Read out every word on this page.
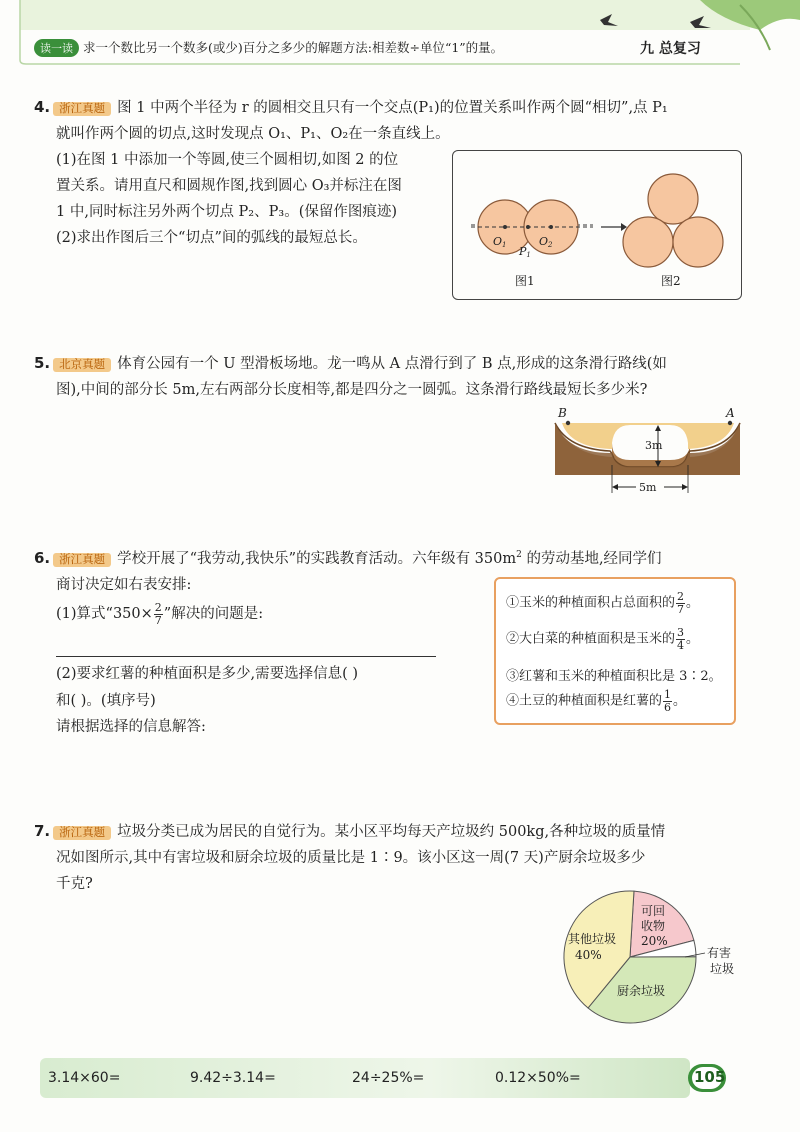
读一读 求一个数比另一个数多(或少)百分之多少的解题方法:相差数÷单位“1”的量。	九 总复习
4. 浙江真题 图 1 中两个半径为 r 的圆相交且只有一个交点(P₁)的位置关系叫作两个圆“相切”,点 P₁
就叫作两个圆的切点,这时发现点 O₁、P₁、O₂在一条直线上。
(1)在图 1 中添加一个等圆,使三个圆相切,如图 2 的位
置关系。请用直尺和圆规作图,找到圆心 O₃并标注在图
1 中,同时标注另外两个切点 P₂、P₃。(保留作图痕迹)
(2)求出作图后三个“切点”间的弧线的最短总长。	O1	O2
P1
图1	图2
5. 北京真题 体育公园有一个 U 型滑板场地。龙一鸣从 A 点滑行到了 B 点,形成的这条滑行路线(如
图),中间的部分长 5m,左右两部分长度相等,都是四分之一圆弧。这条滑行路线最短长多少米?
B	A
3m
5m
6. 浙江真题 学校开展了“我劳动,我快乐”的实践教育活动。六年级有 $350m^2$ 的劳动基地,经同学们
商讨决定如右表安排:
(1)算式“$350\times \frac{2}{7}$ ”解决的问题是:
(2)要求红薯的种植面积是多少,需要选择信息( )
和( )。(填序号)
请根据选择的信息解答:
①玉米的种植面积占总面积的 $\frac{2}{7}$ 。
②大白菜的种植面积是玉米的 $\frac{3}{4}$ 。
③红薯和玉米的种植面积比是 3∶2。
④土豆的种植面积是红薯的 $\frac{1}{6}$ 。
7. 浙江真题 垃圾分类已成为居民的自觉行为。某小区平均每天产垃圾约 500kg,各种垃圾的质量情
况如图所示,其中有害垃圾和厨余垃圾的质量比是 1∶9。该小区这一周(7 天)产厨余垃圾多少
千克?
其他垃圾
40%
可回
收物
20%
有害
垃圾
厨余垃圾
3.14×60=	9.42÷3.14=	24÷25%=	0.12×50%=	105
